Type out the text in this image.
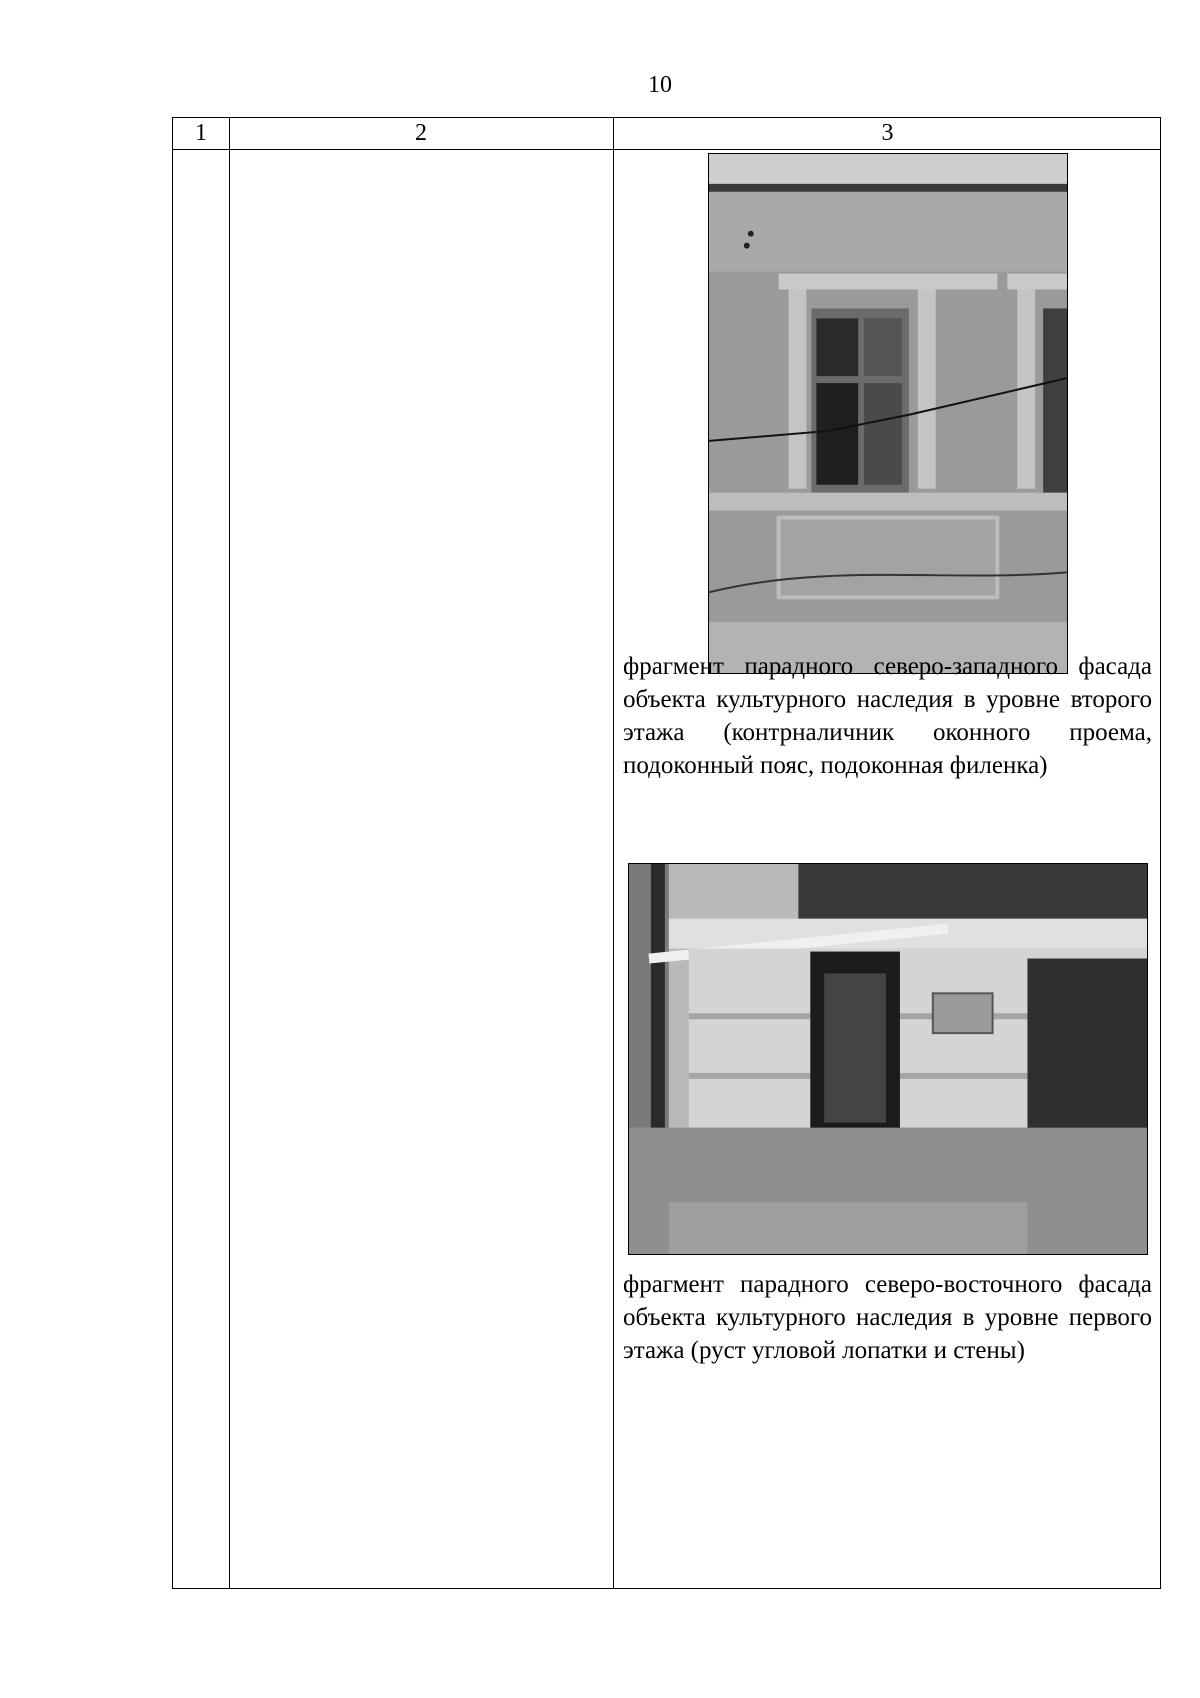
10
1	2	3
фрагмент парадного северо-западного фасада объекта культурного наследия в уровне второго этажа (контрналичник оконного проема, подоконный пояс, подоконная филенка)
фрагмент парадного северо-восточного фасада объекта культурного наследия в уровне первого этажа (руст угловой лопатки и стены)
